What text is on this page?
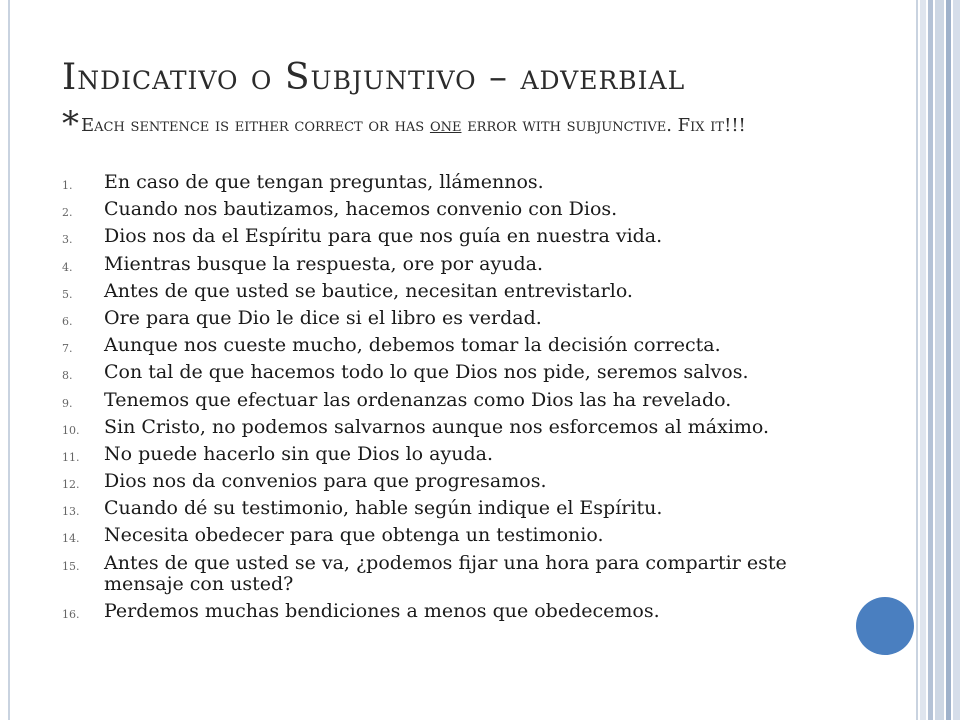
Indicativo o Subjuntivo – adverbial
* Each sentence is either correct or has one error with subjunctive. Fix it!!!
1. En caso de que tengan preguntas, llámennos.
2. Cuando nos bautizamos, hacemos convenio con Dios.
3. Dios nos da el Espíritu para que nos guía en nuestra vida.
4. Mientras busque la respuesta, ore por ayuda.
5. Antes de que usted se bautice, necesitan entrevistarlo.
6. Ore para que Dio le dice si el libro es verdad.
7. Aunque nos cueste mucho, debemos tomar la decisión correcta.
8. Con tal de que hacemos todo lo que Dios nos pide, seremos salvos.
9. Tenemos que efectuar las ordenanzas como Dios las ha revelado.
10. Sin Cristo, no podemos salvarnos aunque nos esforcemos al máximo.
11. No puede hacerlo sin que Dios lo ayuda.
12. Dios nos da convenios para que progresamos.
13. Cuando dé su testimonio, hable según indique el Espíritu.
14. Necesita obedecer para que obtenga un testimonio.
15. Antes de que usted se va, ¿podemos fijar una hora para compartir este mensaje con usted?
16. Perdemos muchas bendiciones a menos que obedecemos.
